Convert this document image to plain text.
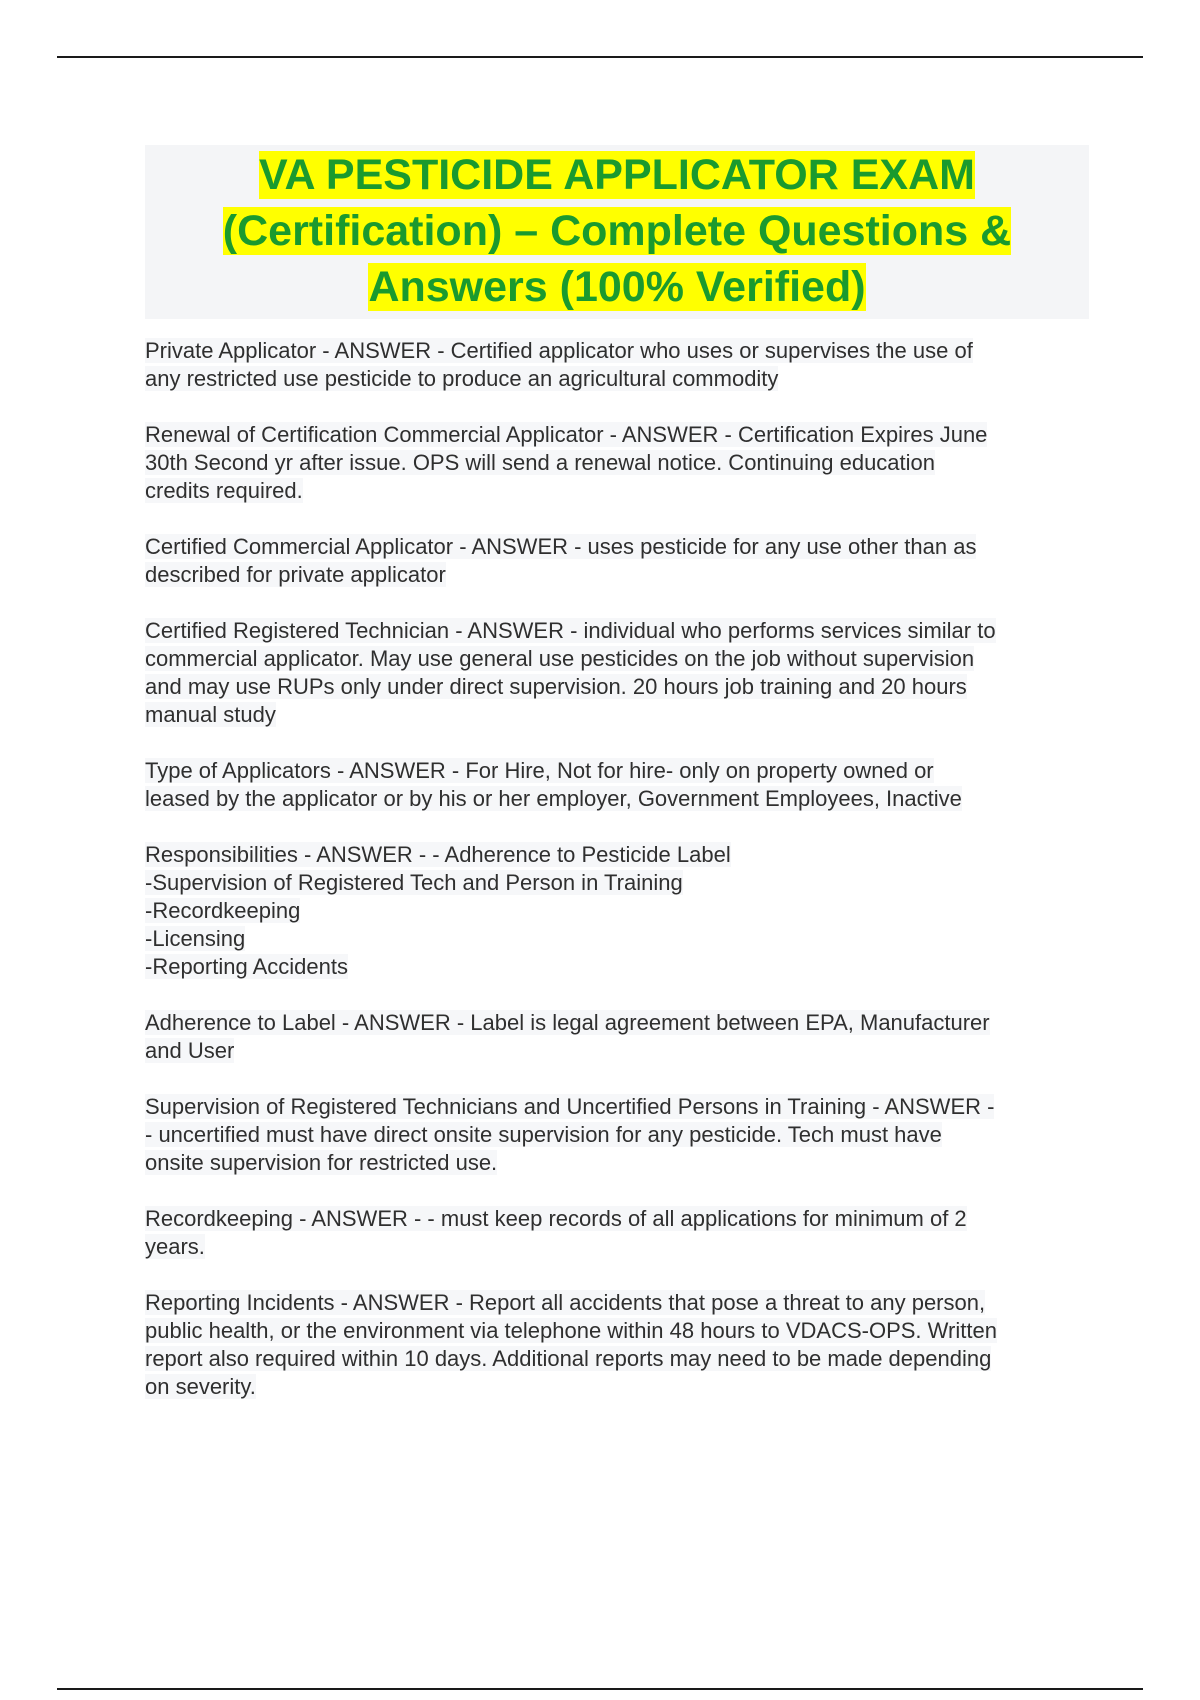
VA PESTICIDE APPLICATOR EXAM
(Certification) – Complete Questions &
Answers (100% Verified)
Private Applicator - ANSWER - Certified applicator who uses or supervises the use of
any restricted use pesticide to produce an agricultural commodity
Renewal of Certification Commercial Applicator - ANSWER - Certification Expires June
30th Second yr after issue. OPS will send a renewal notice. Continuing education
credits required.
Certified Commercial Applicator - ANSWER - uses pesticide for any use other than as
described for private applicator
Certified Registered Technician - ANSWER - individual who performs services similar to
commercial applicator. May use general use pesticides on the job without supervision
and may use RUPs only under direct supervision. 20 hours job training and 20 hours
manual study
Type of Applicators - ANSWER - For Hire, Not for hire- only on property owned or
leased by the applicator or by his or her employer, Government Employees, Inactive
Responsibilities - ANSWER - - Adherence to Pesticide Label
-Supervision of Registered Tech and Person in Training
-Recordkeeping
-Licensing
-Reporting Accidents
Adherence to Label - ANSWER - Label is legal agreement between EPA, Manufacturer
and User
Supervision of Registered Technicians and Uncertified Persons in Training - ANSWER -
- uncertified must have direct onsite supervision for any pesticide. Tech must have
onsite supervision for restricted use.
Recordkeeping - ANSWER - - must keep records of all applications for minimum of 2
years.
Reporting Incidents - ANSWER - Report all accidents that pose a threat to any person,
public health, or the environment via telephone within 48 hours to VDACS-OPS. Written
report also required within 10 days. Additional reports may need to be made depending
on severity.
